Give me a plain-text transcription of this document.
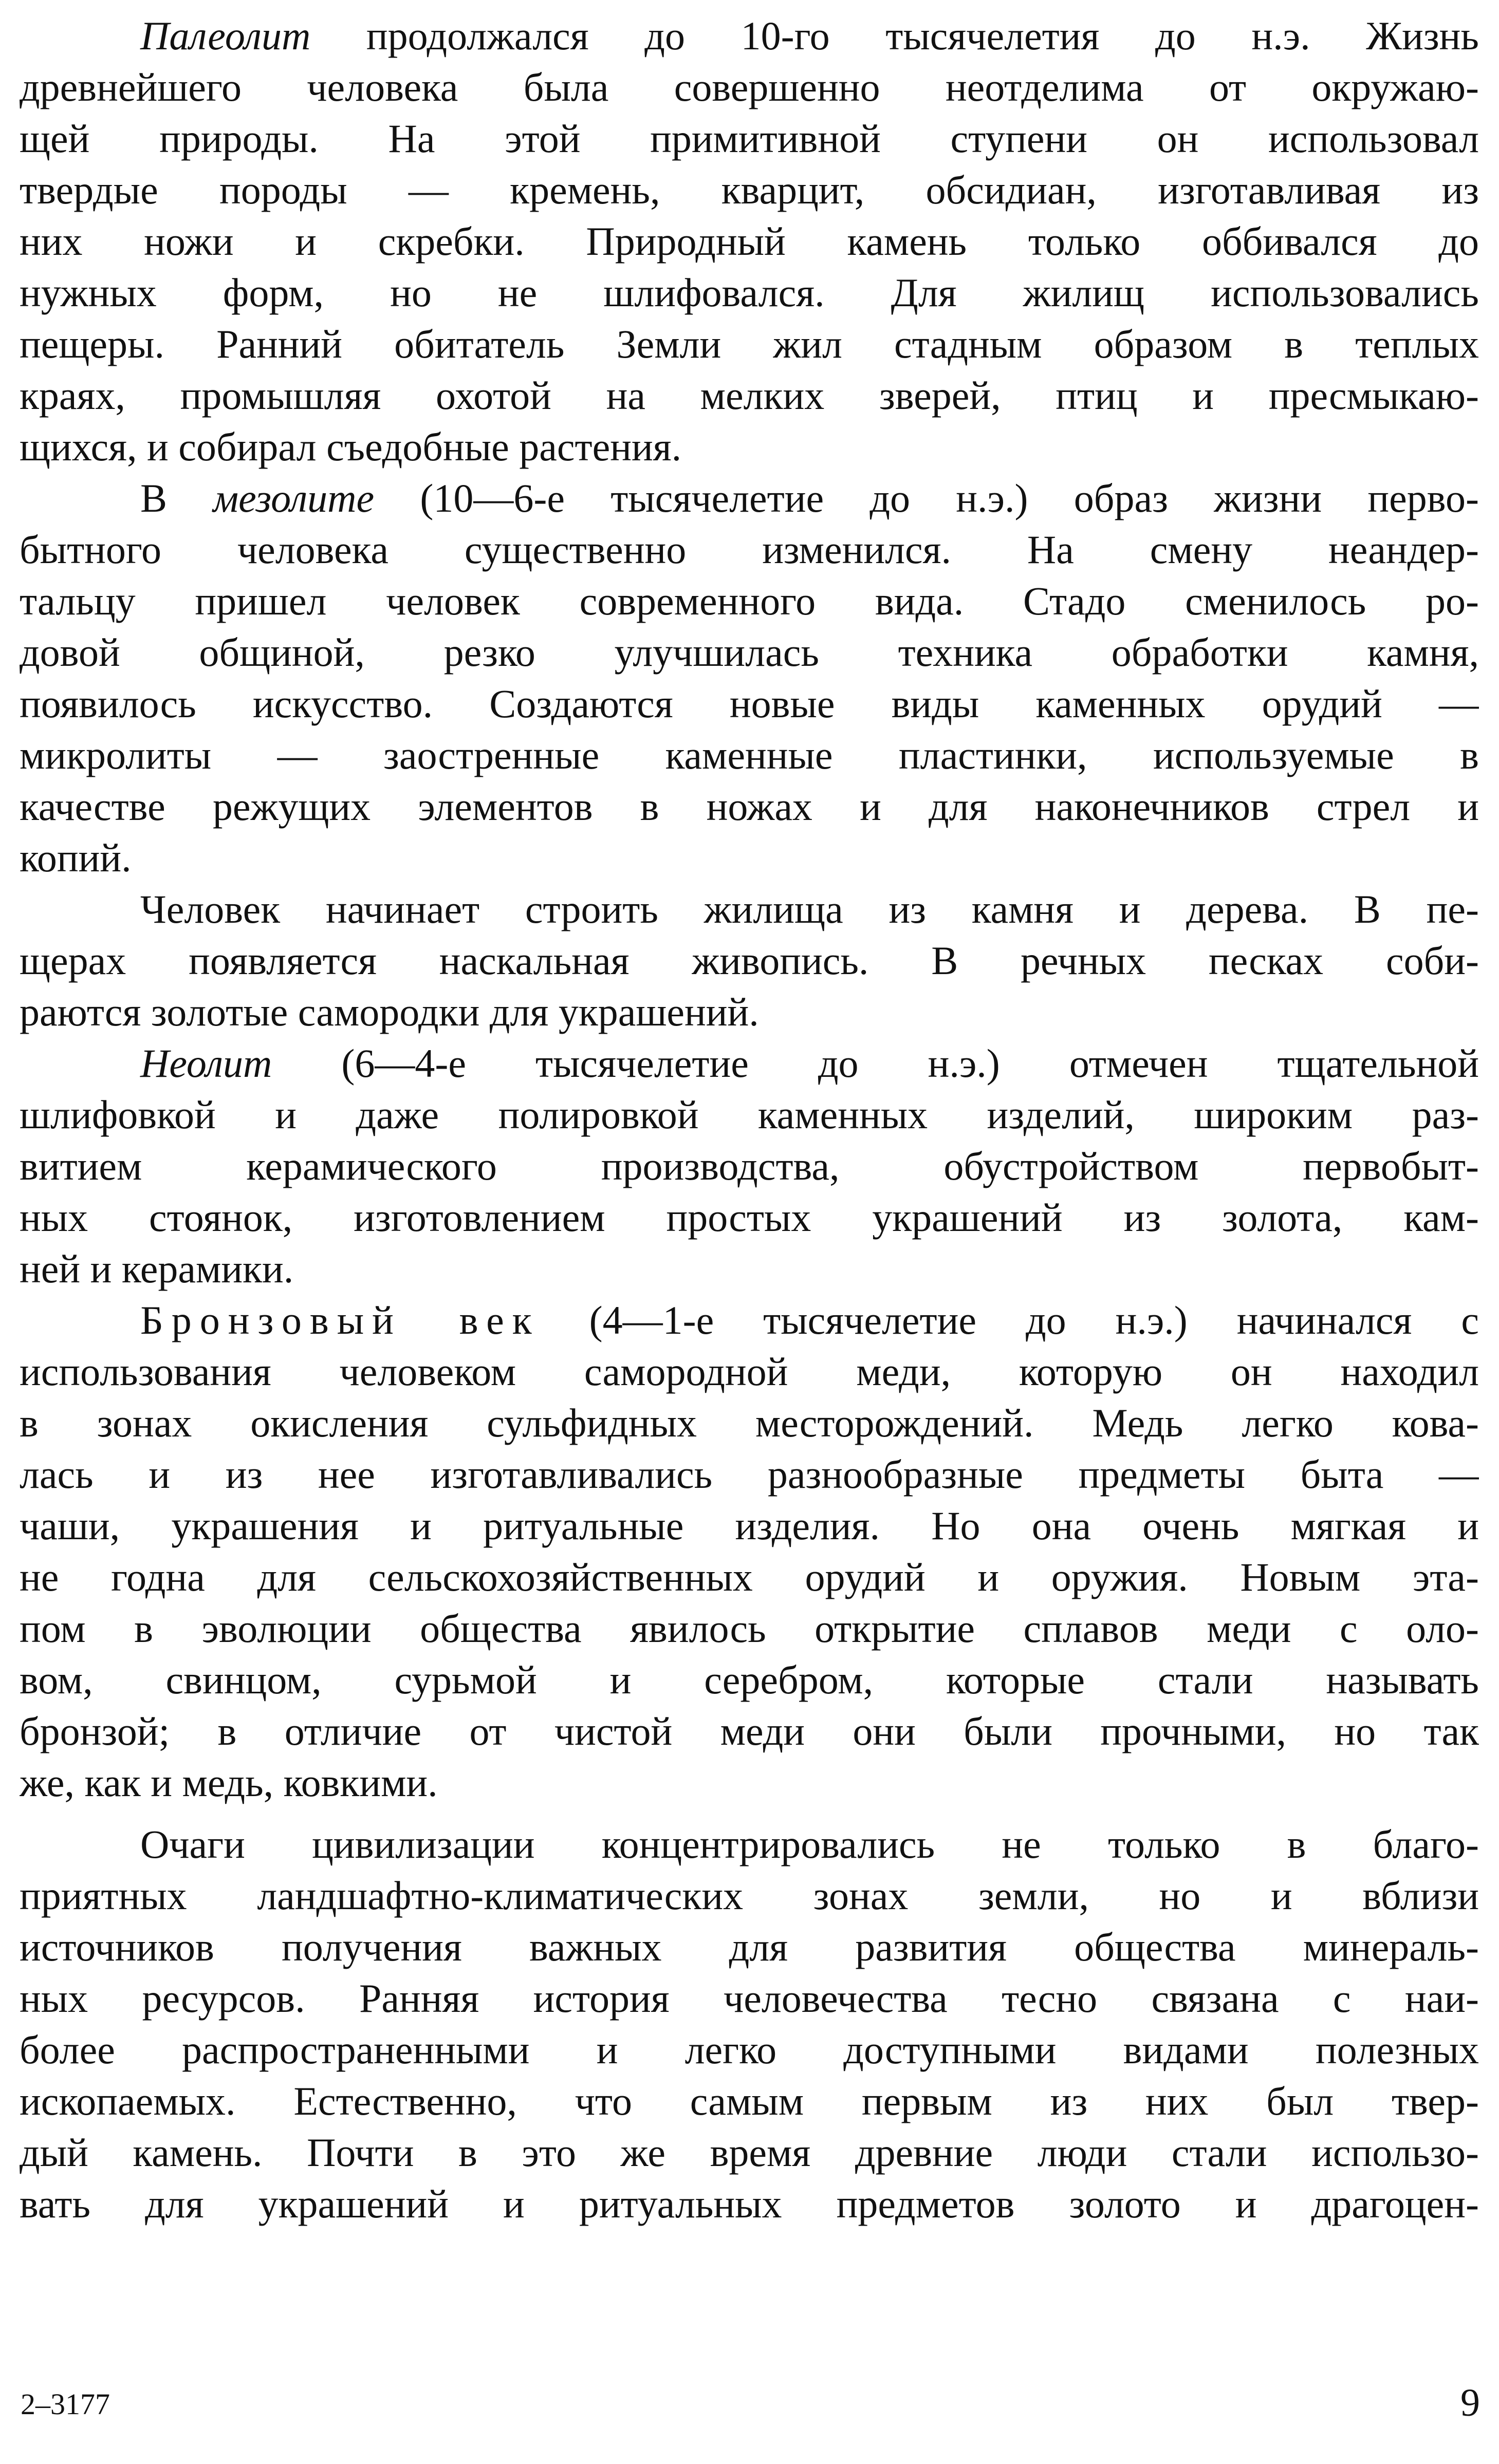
Палеолит продолжался до 10-го тысячелетия до н.э. Жизнь
древнейшего человека была совершенно неотделима от окружаю-
щей природы. На этой примитивной ступени он использовал
твердые породы — кремень, кварцит, обсидиан, изготавливая из
них ножи и скребки. Природный камень только оббивался до
нужных форм, но не шлифовался. Для жилищ использовались
пещеры. Ранний обитатель Земли жил стадным образом в теплых
краях, промышляя охотой на мелких зверей, птиц и пресмыкаю-
щихся, и собирал съедобные растения.
В мезолите (10—6-е тысячелетие до н.э.) образ жизни перво-
бытного человека существенно изменился. На смену неандер-
тальцу пришел человек современного вида. Стадо сменилось ро-
довой общиной, резко улучшилась техника обработки камня,
появилось искусство. Создаются новые виды каменных орудий —
микролиты — заостренные каменные пластинки, используемые в
качестве режущих элементов в ножах и для наконечников стрел и
копий.
Человек начинает строить жилища из камня и дерева. В пе-
щерах появляется наскальная живопись. В речных песках соби-
раются золотые самородки для украшений.
Неолит (6—4-е тысячелетие до н.э.) отмечен тщательной
шлифовкой и даже полировкой каменных изделий, широким раз-
витием керамического производства, обустройством первобыт-
ных стоянок, изготовлением простых украшений из золота, кам-
ней и керамики.
Бронзовый век (4—1-е тысячелетие до н.э.) начинался с
использования человеком самородной меди, которую он находил
в зонах окисления сульфидных месторождений. Медь легко кова-
лась и из нее изготавливались разнообразные предметы быта —
чаши, украшения и ритуальные изделия. Но она очень мягкая и
не годна для сельскохозяйственных орудий и оружия. Новым эта-
пом в эволюции общества явилось открытие сплавов меди с оло-
вом, свинцом, сурьмой и серебром, которые стали называть
бронзой; в отличие от чистой меди они были прочными, но так
же, как и медь, ковкими.
Очаги цивилизации концентрировались не только в благо-
приятных ландшафтно-климатических зонах земли, но и вблизи
источников получения важных для развития общества минераль-
ных ресурсов. Ранняя история человечества тесно связана с наи-
более распространенными и легко доступными видами полезных
ископаемых. Естественно, что самым первым из них был твер-
дый камень. Почти в это же время древние люди стали использо-
вать для украшений и ритуальных предметов золото и драгоцен-
2–3177	9
